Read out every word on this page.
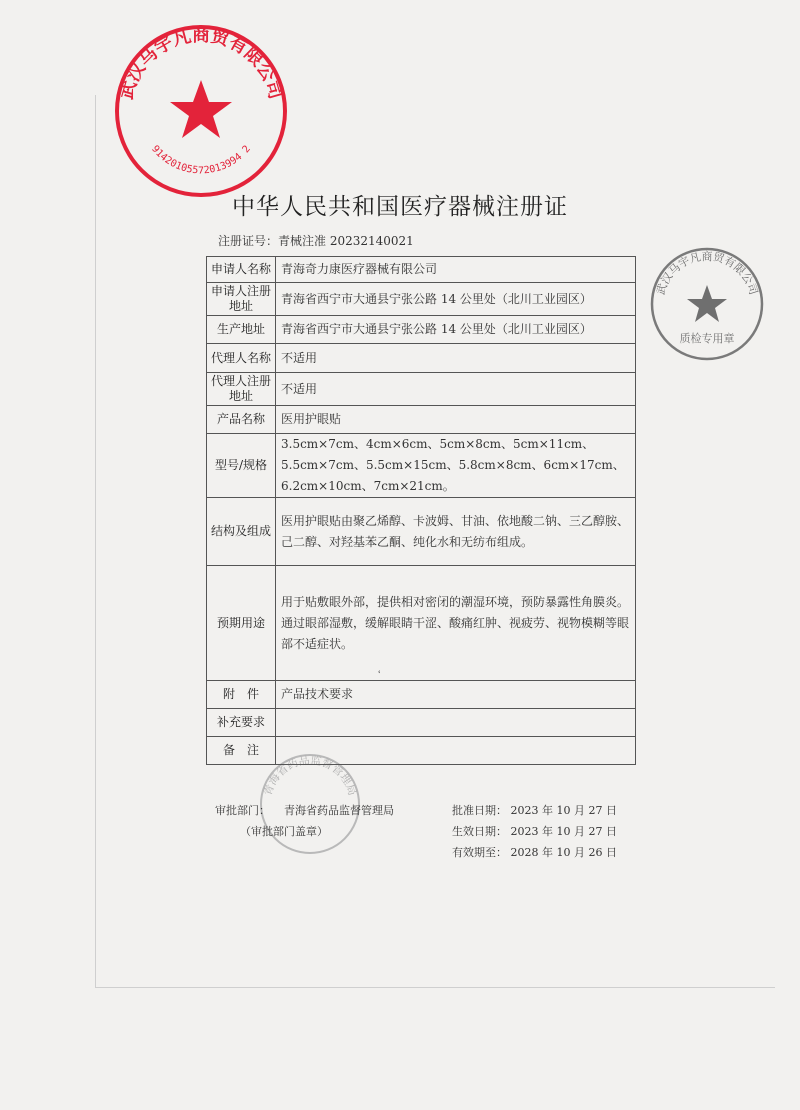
武汉马宇凡商贸有限公司
91420105572013994 2
武汉马宇凡商贸有限公司
质检专用章
青海省药品监督管理局
中华人民共和国医疗器械注册证
注册证号：青械注准 20232140021
申请人名称	青海奇力康医疗器械有限公司
申请人注册地址	青海省西宁市大通县宁张公路 14 公里处（北川工业园区）
生产地址	青海省西宁市大通县宁张公路 14 公里处（北川工业园区）
代理人名称	不适用
代理人注册地址	不适用
产品名称	医用护眼贴
型号/规格	3.5cm×7cm、4cm×6cm、5cm×8cm、5cm×11cm、5.5cm×7cm、5.5cm×15cm、5.8cm×8cm、6cm×17cm、6.2cm×10cm、7cm×21cm。
结构及组成	医用护眼贴由聚乙烯醇、卡波姆、甘油、依地酸二钠、三乙醇胺、己二醇、对羟基苯乙酮、纯化水和无纺布组成。
预期用途	用于贴敷眼外部，提供相对密闭的潮湿环境，预防暴露性角膜炎。通过眼部湿敷，缓解眼睛干涩、酸痛红肿、视疲劳、视物模糊等眼部不适症状。
附　件	产品技术要求
补充要求	
备　注	
ʿ
审批部门： 青海省药品监督管理局
（审批部门盖章）
批准日期： 2023 年 10 月 27 日
生效日期： 2023 年 10 月 27 日
有效期至： 2028 年 10 月 26 日
